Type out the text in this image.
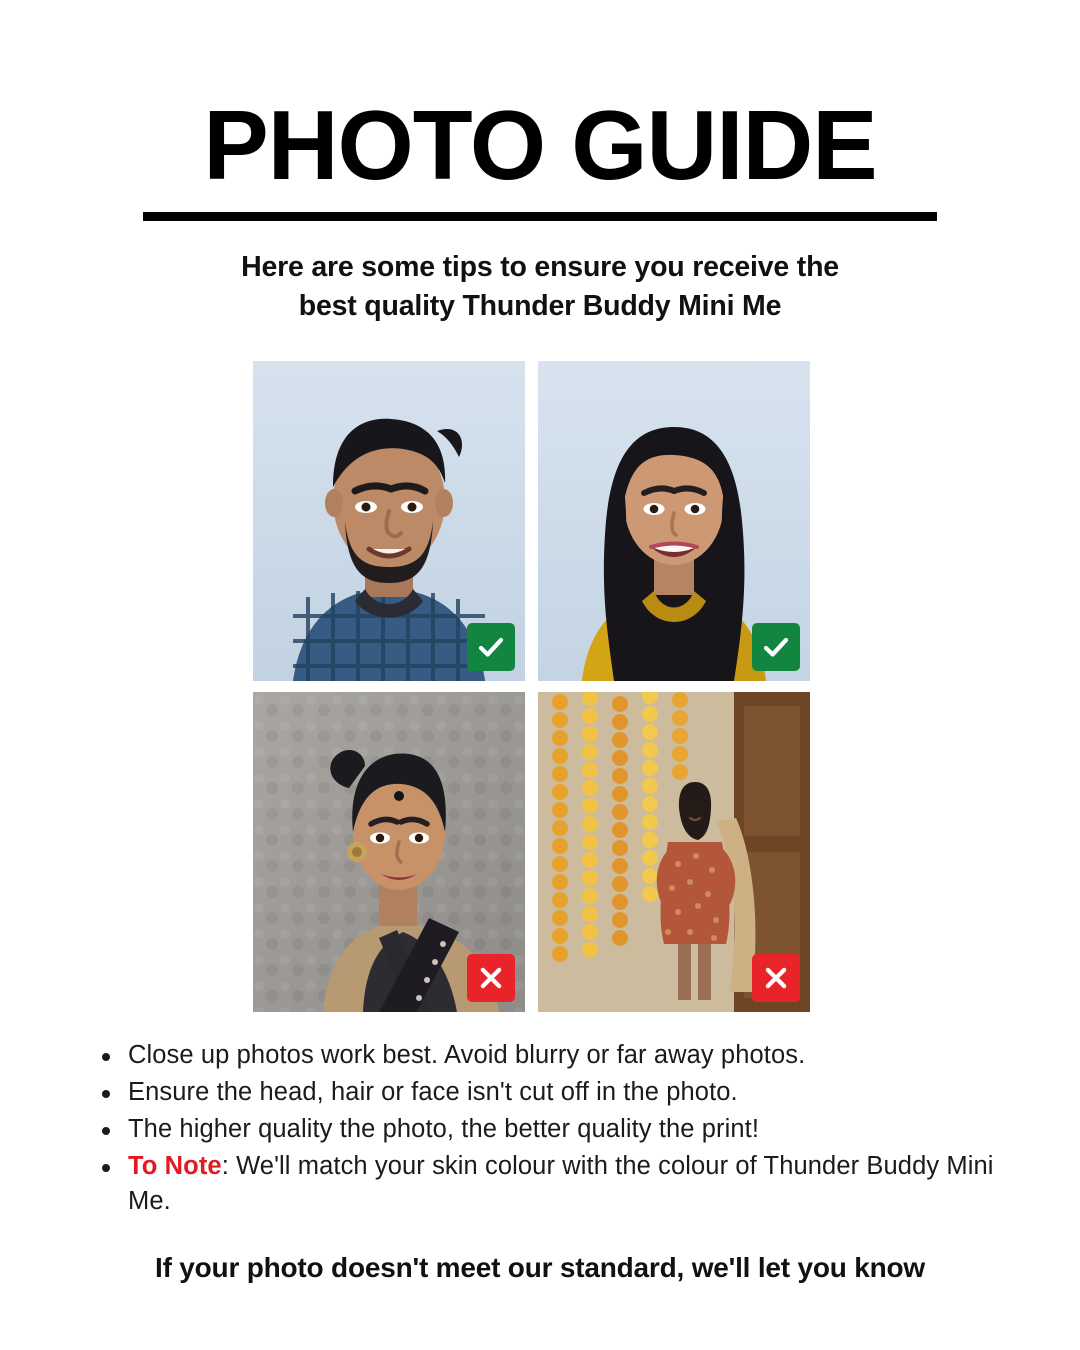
PHOTO GUIDE
Here are some tips to ensure you receive the
best quality Thunder Buddy Mini Me
Close up photos work best. Avoid blurry or far away photos.
Ensure the head, hair or face isn't cut off in the photo.
The higher quality the photo, the better quality the print!
To Note: We'll match your skin colour with the colour of Thunder Buddy Mini Me.
If your photo doesn't meet our standard, we'll let you know
